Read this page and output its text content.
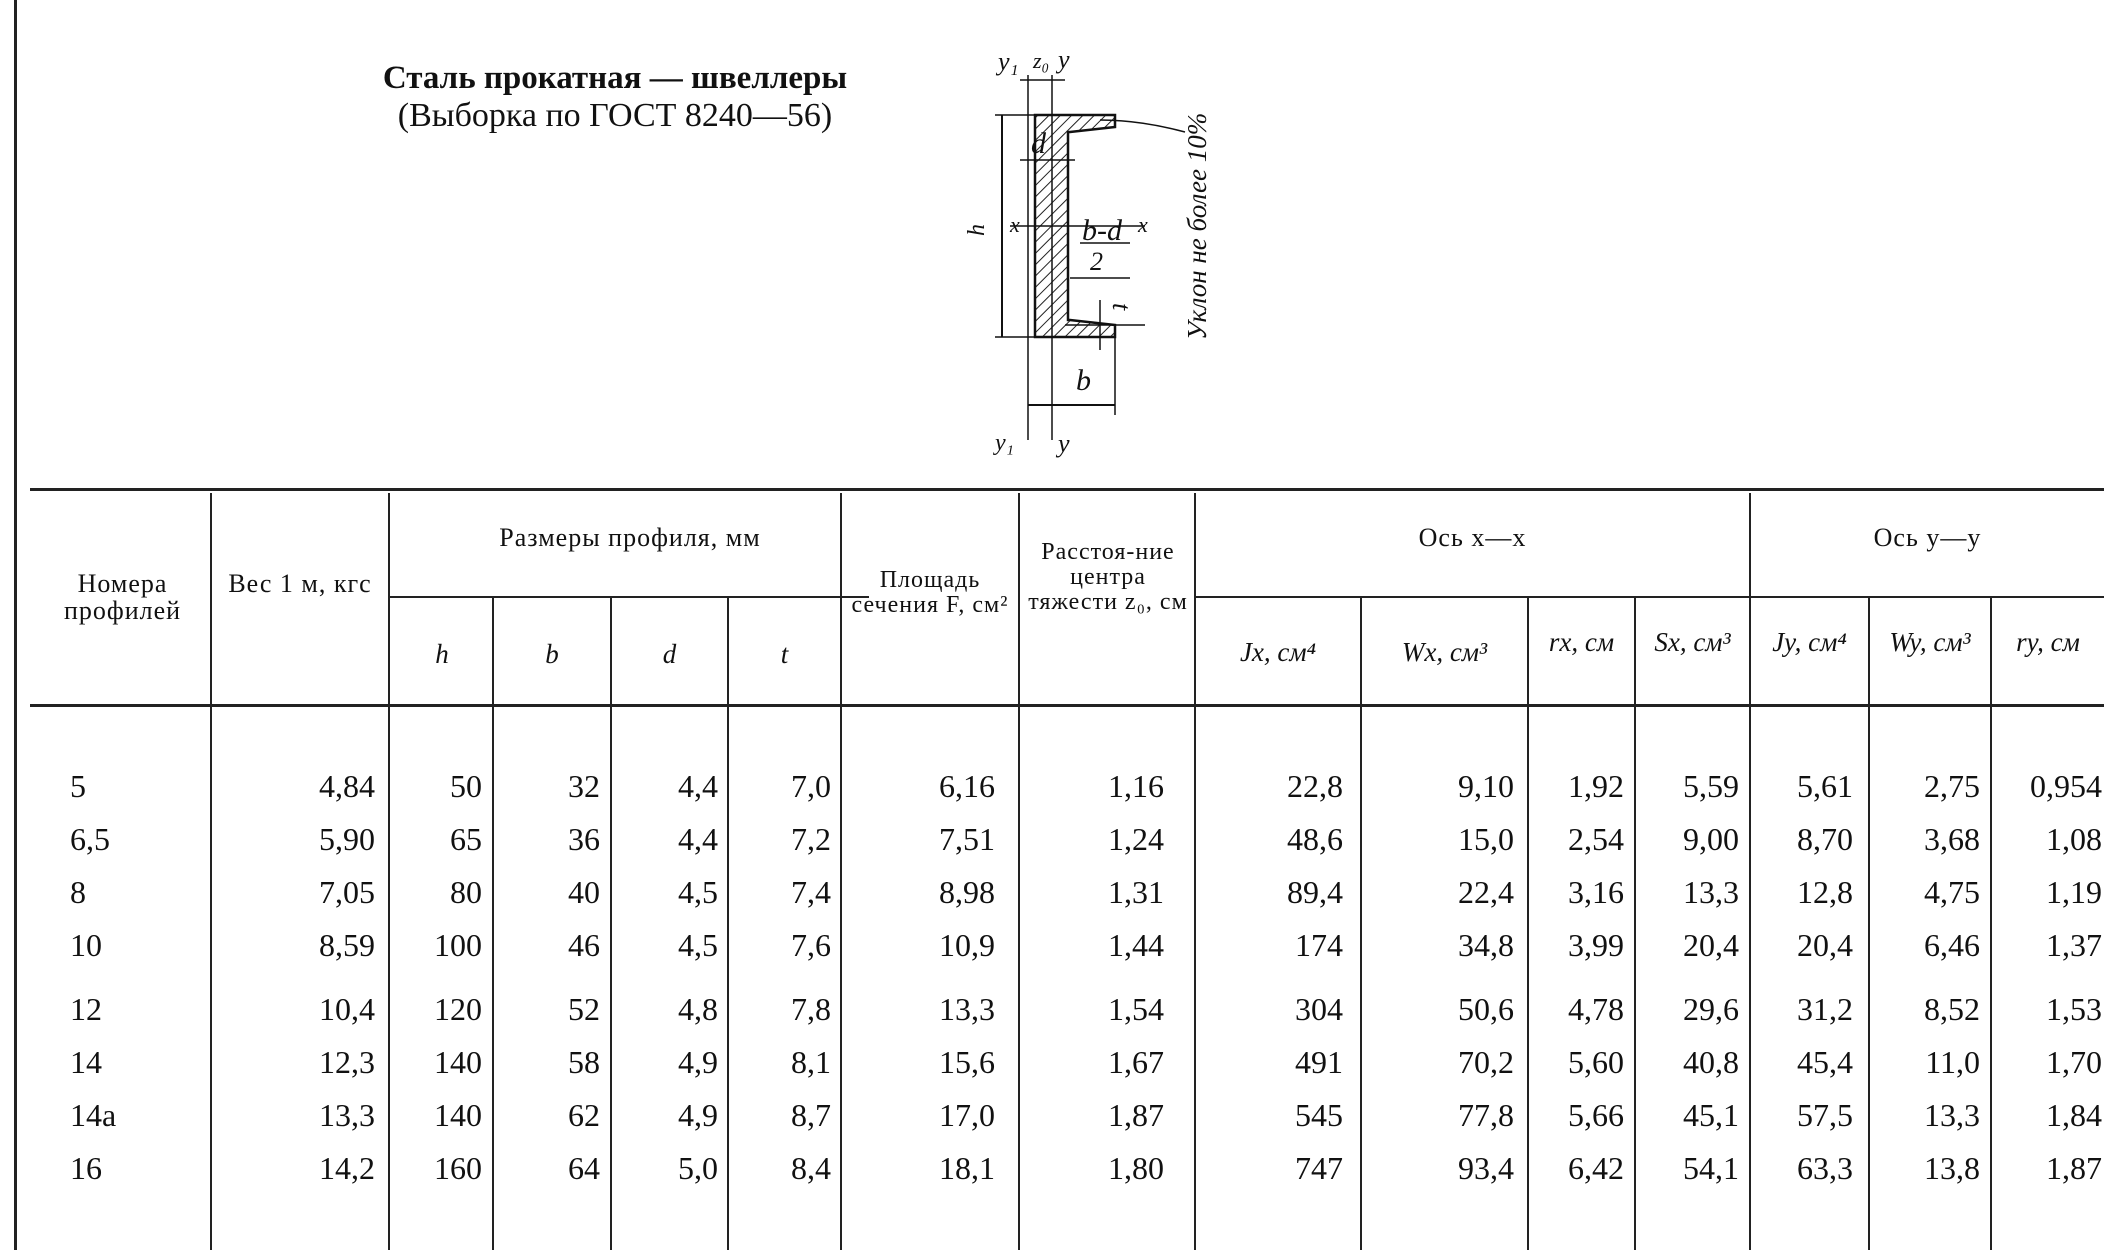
Сталь прокатная — швеллеры
(Выборка по ГОСТ 8240—56)
y₁ z₀ y
d
h x	x
b-d
2
t
b
y₁ y
Уклон не более 10%
Номера профилей
Вес 1 м, кгс
Размеры профиля, мм
h	b	d	t
Площадь сечения F, см²
Расстоя-ние центра тяжести z₀, см
Ось x—x
Jx, см⁴	Wx, см³	rx, см	Sx, см³
Ось y—y
Jy, см⁴	Wy, см³	ry, см
5	4,84	50	32	4,4	7,0	6,16	1,16	22,8	9,10	1,92	5,59	5,61	2,75	0,954
6,5	5,90	65	36	4,4	7,2	7,51	1,24	48,6	15,0	2,54	9,00	8,70	3,68	1,08
8	7,05	80	40	4,5	7,4	8,98	1,31	89,4	22,4	3,16	13,3	12,8	4,75	1,19
10	8,59	100	46	4,5	7,6	10,9	1,44	174	34,8	3,99	20,4	20,4	6,46	1,37
12	10,4	120	52	4,8	7,8	13,3	1,54	304	50,6	4,78	29,6	31,2	8,52	1,53
14	12,3	140	58	4,9	8,1	15,6	1,67	491	70,2	5,60	40,8	45,4	11,0	1,70
14а	13,3	140	62	4,9	8,7	17,0	1,87	545	77,8	5,66	45,1	57,5	13,3	1,84
16	14,2	160	64	5,0	8,4	18,1	1,80	747	93,4	6,42	54,1	63,3	13,8	1,87
